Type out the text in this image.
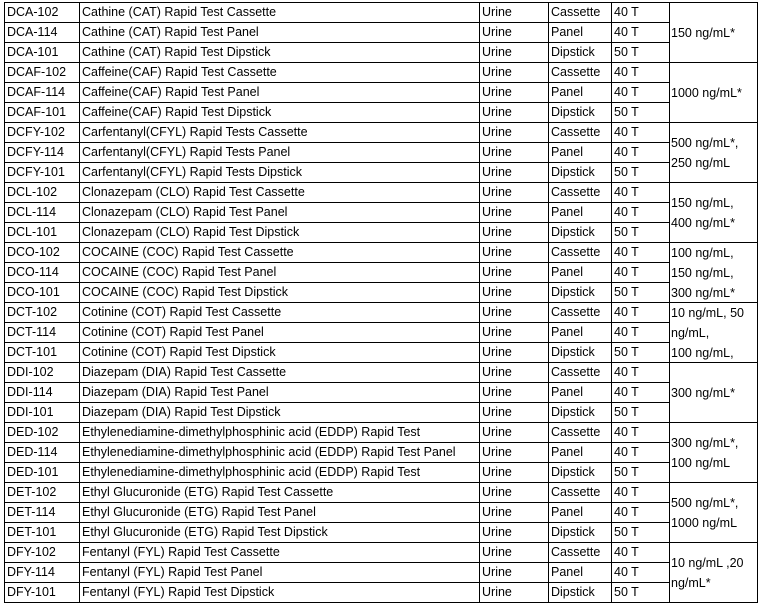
DCA-102 Cathine (CAT) Rapid Test Cassette	Urine	Cassette 40 T
DCA-114 Cathine (CAT) Rapid Test Panel	Urine	Panel 40 T
DCA-101 Cathine (CAT) Rapid Test Dipstick	Urine	Dipstick 50 T
150 ng/mL*
DCAF-102 Caffeine(CAF) Rapid Test Cassette	Urine	Cassette 40 T
DCAF-114 Caffeine(CAF) Rapid Test Panel	Urine	Panel 40 T
DCAF-101 Caffeine(CAF) Rapid Test Dipstick	Urine	Dipstick 50 T
1000 ng/mL*
DCFY-102 Carfentanyl(CFYL) Rapid Tests Cassette	Urine	Cassette 40 T
DCFY-114 Carfentanyl(CFYL) Rapid Tests Panel	Urine	Panel 40 T
DCFY-101 Carfentanyl(CFYL) Rapid Tests Dipstick	Urine	Dipstick 50 T
500 ng/mL*,
250 ng/mL
DCL-102 Clonazepam (CLO) Rapid Test Cassette	Urine	Cassette 40 T
DCL-114 Clonazepam (CLO) Rapid Test Panel	Urine	Panel 40 T
DCL-101 Clonazepam (CLO) Rapid Test Dipstick	Urine	Dipstick 50 T
150 ng/mL,
400 ng/mL*
DCO-102 COCAINE (COC) Rapid Test Cassette	Urine	Cassette 40 T
DCO-114 COCAINE (COC) Rapid Test Panel	Urine	Panel 40 T
DCO-101 COCAINE (COC) Rapid Test Dipstick	Urine	Dipstick 50 T
100 ng/mL,
150 ng/mL,
300 ng/mL*
DCT-102 Cotinine (COT) Rapid Test Cassette	Urine	Cassette 40 T
DCT-114 Cotinine (COT) Rapid Test Panel	Urine	Panel 40 T
DCT-101 Cotinine (COT) Rapid Test Dipstick	Urine	Dipstick 50 T
10 ng/mL, 50
ng/mL,
100 ng/mL,
DDI-102 Diazepam (DIA) Rapid Test Cassette	Urine	Cassette 40 T
DDI-114 Diazepam (DIA) Rapid Test Panel	Urine	Panel 40 T
DDI-101 Diazepam (DIA) Rapid Test Dipstick	Urine	Dipstick 50 T
300 ng/mL*
DED-102 Ethylenediamine-dimethylphosphinic acid (EDDP) Rapid Test	Urine	Cassette 40 T
DED-114 Ethylenediamine-dimethylphosphinic acid (EDDP) Rapid Test Panel Urine	Panel 40 T
DED-101 Ethylenediamine-dimethylphosphinic acid (EDDP) Rapid Test	Urine	Dipstick 50 T
300 ng/mL*,
100 ng/mL
DET-102 Ethyl Glucuronide (ETG) Rapid Test Cassette	Urine	Cassette 40 T
DET-114 Ethyl Glucuronide (ETG) Rapid Test Panel	Urine	Panel 40 T
DET-101 Ethyl Glucuronide (ETG) Rapid Test Dipstick	Urine	Dipstick 50 T
500 ng/mL*,
1000 ng/mL
DFY-102 Fentanyl (FYL) Rapid Test Cassette	Urine	Cassette 40 T
DFY-114 Fentanyl (FYL) Rapid Test Panel	Urine	Panel 40 T
DFY-101 Fentanyl (FYL) Rapid Test Dipstick	Urine	Dipstick 50 T
10 ng/mL ,20
ng/mL*
